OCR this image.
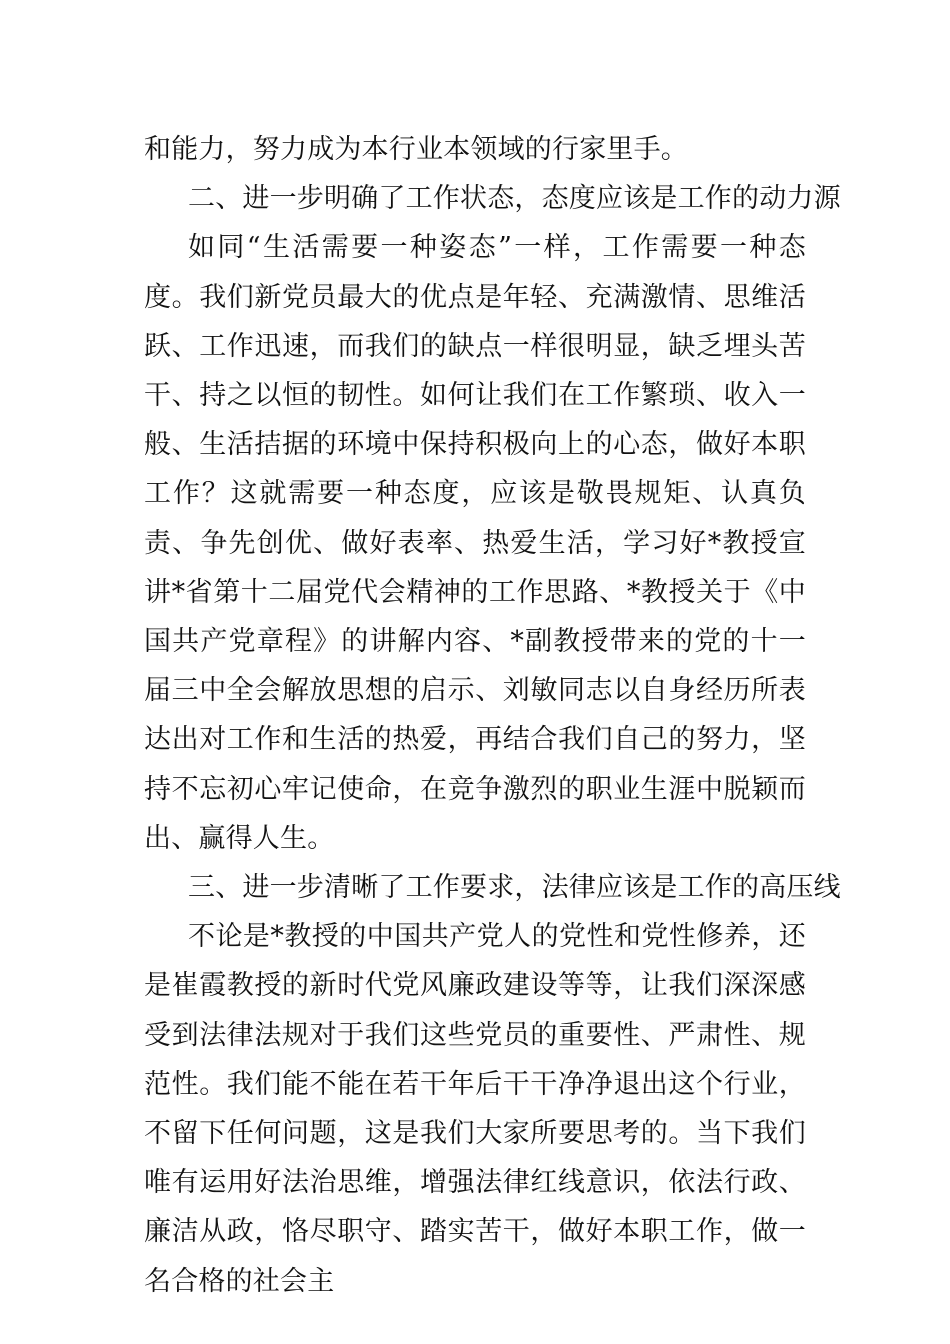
和能力，努力成为本行业本领域的行家里手。

二、进一步明确了工作状态，态度应该是工作的动力源

如同“生活需要一种姿态”一样，工作需要一种态度。我们新党员最大的优点是年轻、充满激情、思维活跃、工作迅速，而我们的缺点一样很明显，缺乏埋头苦干、持之以恒的韧性。如何让我们在工作繁琐、收入一般、生活拮据的环境中保持积极向上的心态，做好本职工作？这就需要一种态度，应该是敬畏规矩、认真负责、争先创优、做好表率、热爱生活，学习好*教授宣讲*省第十二届党代会精神的工作思路、*教授关于《中国共产党章程》的讲解内容、*副教授带来的党的十一届三中全会解放思想的启示、刘敏同志以自身经历所表达出对工作和生活的热爱，再结合我们自己的努力，坚持不忘初心牢记使命，在竞争激烈的职业生涯中脱颖而出、赢得人生。

三、进一步清晰了工作要求，法律应该是工作的高压线

不论是*教授的中国共产党人的党性和党性修养，还是崔霞教授的新时代党风廉政建设等等，让我们深深感受到法律法规对于我们这些党员的重要性、严肃性、规范性。我们能不能在若干年后干干净净退出这个行业，不留下任何问题，这是我们大家所要思考的。当下我们唯有运用好法治思维，增强法律红线意识，依法行政、廉洁从政，恪尽职守、踏实苦干，做好本职工作，做一名合格的社会主
